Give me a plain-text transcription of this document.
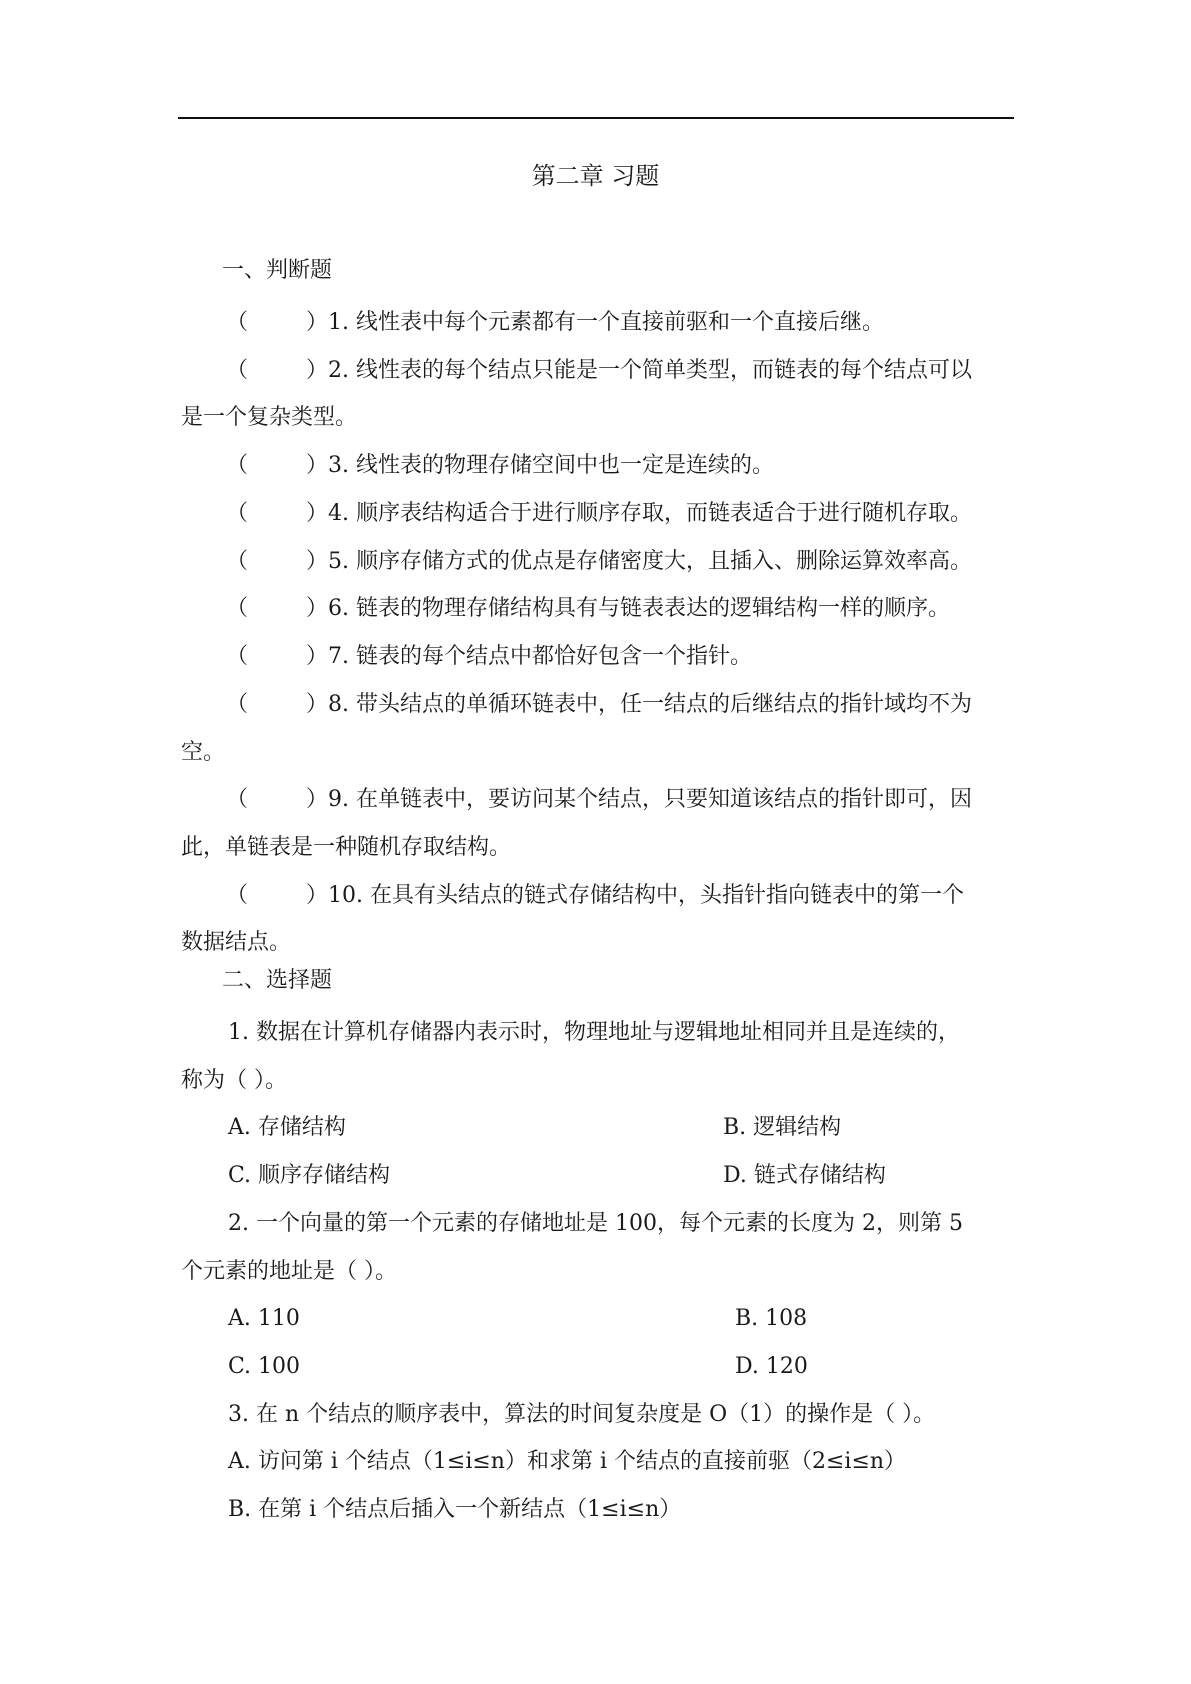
第二章 习题
一、判断题
（	）1. 线性表中每个元素都有一个直接前驱和一个直接后继。
（	）2. 线性表的每个结点只能是一个简单类型，而链表的每个结点可以
是一个复杂类型。
（	）3. 线性表的物理存储空间中也一定是连续的。
（	）4. 顺序表结构适合于进行顺序存取，而链表适合于进行随机存取。
（	）5. 顺序存储方式的优点是存储密度大，且插入、删除运算效率高。
（	）6. 链表的物理存储结构具有与链表表达的逻辑结构一样的顺序。
（	）7. 链表的每个结点中都恰好包含一个指针。
（	）8. 带头结点的单循环链表中，任一结点的后继结点的指针域均不为
空。
（	）9. 在单链表中，要访问某个结点，只要知道该结点的指针即可，因
此，单链表是一种随机存取结构。
（	）10. 在具有头结点的链式存储结构中，头指针指向链表中的第一个
数据结点。
二、选择题
1. 数据在计算机存储器内表示时，物理地址与逻辑地址相同并且是连续的，
称为（ ）。
A. 存储结构	B. 逻辑结构
C. 顺序存储结构	D. 链式存储结构
2. 一个向量的第一个元素的存储地址是 100，每个元素的长度为 2，则第 5
个元素的地址是（ ）。
A. 110	B. 108
C. 100	D. 120
3. 在 n 个结点的顺序表中，算法的时间复杂度是 O（1）的操作是（ ）。
A. 访问第 i 个结点（1≤i≤n）和求第 i 个结点的直接前驱（2≤i≤n）
B. 在第 i 个结点后插入一个新结点（1≤i≤n）
